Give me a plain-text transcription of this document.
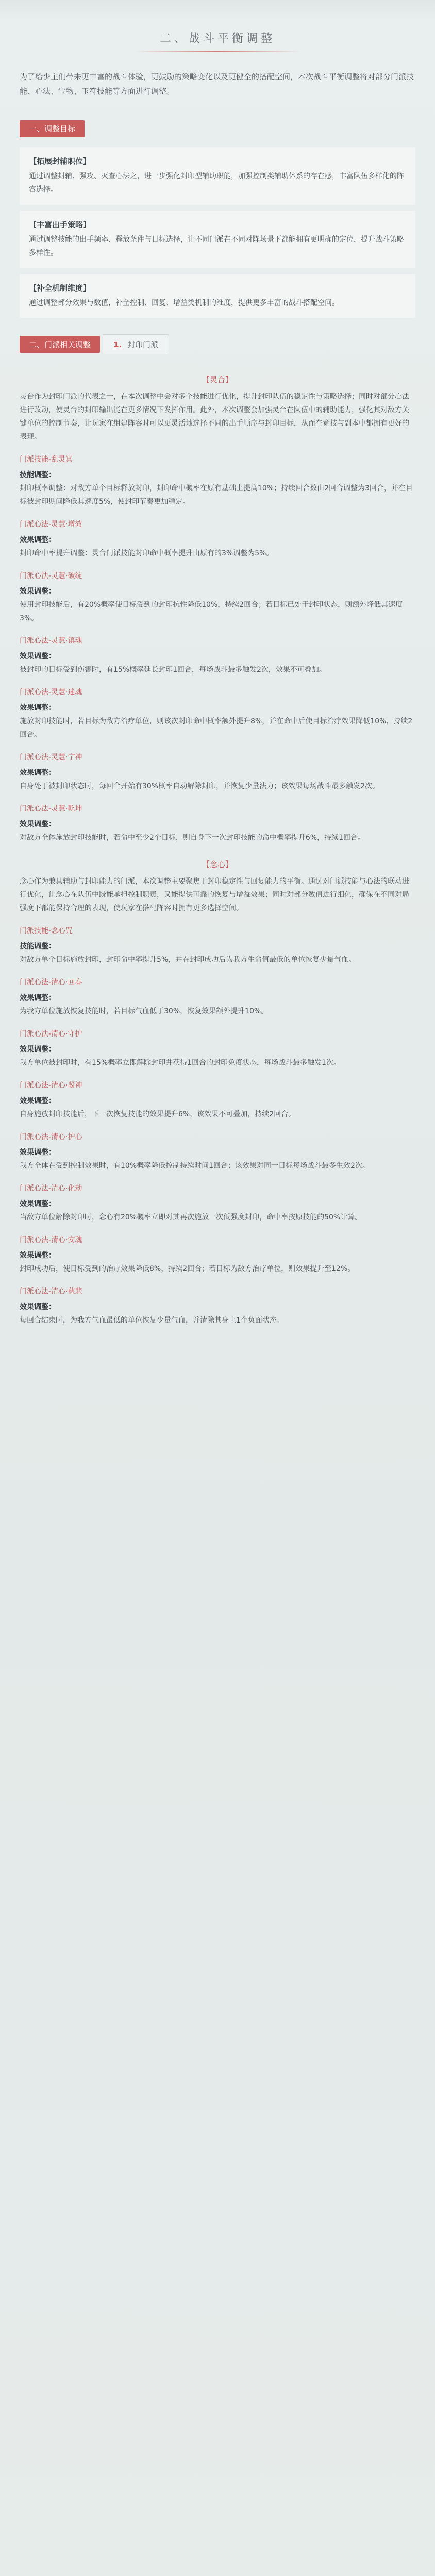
二、战斗平衡调整
为了给少主们带来更丰富的战斗体验，更鼓励的策略变化以及更健全的搭配空间，本次战斗平衡调整将对部分门派技能、心法、宝物、玉符技能等方面进行调整。
一、调整目标
【拓展封辅职位】
通过调整封辅、强攻、灭查心法之，进一步强化封印型辅助职能，加强控制类辅助体系的存在感，丰富队伍多样化的阵容选择。
【丰富出手策略】
通过调整技能的出手频率、释放条件与目标选择，让不同门派在不同对阵场景下都能拥有更明确的定位，提升战斗策略多样性。
【补全机制维度】
通过调整部分效果与数值，补全控制、回复、增益类机制的维度，提供更多丰富的战斗搭配空间。
二、门派相关调整	1. 封印门派
【灵台】
灵台作为封印门派的代表之一，在本次调整中会对多个技能进行优化，提升封印队伍的稳定性与策略选择；同时对部分心法进行改动，使灵台的封印输出能在更多情况下发挥作用。此外，本次调整会加强灵台在队伍中的辅助能力，强化其对敌方关键单位的控制节奏，让玩家在组建阵容时可以更灵活地选择不同的出手顺序与封印目标，从而在竞技与副本中都拥有更好的表现。
门派技能-乱灵冥
技能调整：
封印概率调整：对敌方单个目标释放封印，封印命中概率在原有基础上提高10%；持续回合数由2回合调整为3回合，并在目标被封印期间降低其速度5%，使封印节奏更加稳定。
门派心法-灵慧·增效
效果调整：
封印命中率提升调整：灵台门派技能封印命中概率提升由原有的3%调整为5%。
门派心法-灵慧·破绽
效果调整：
使用封印技能后，有20%概率使目标受到的封印抗性降低10%，持续2回合；若目标已处于封印状态，则额外降低其速度3%。
门派心法-灵慧·镇魂
效果调整：
被封印的目标受到伤害时，有15%概率延长封印1回合，每场战斗最多触发2次，效果不可叠加。
门派心法-灵慧·迷魂
效果调整：
施放封印技能时，若目标为敌方治疗单位，则该次封印命中概率额外提升8%，并在命中后使目标治疗效果降低10%，持续2回合。
门派心法-灵慧·宁神
效果调整：
自身处于被封印状态时，每回合开始有30%概率自动解除封印，并恢复少量法力；该效果每场战斗最多触发2次。
门派心法-灵慧·乾坤
效果调整：
对敌方全体施放封印技能时，若命中至少2个目标，则自身下一次封印技能的命中概率提升6%，持续1回合。
【念心】
念心作为兼具辅助与封印能力的门派，本次调整主要聚焦于封印稳定性与回复能力的平衡。通过对门派技能与心法的联动进行优化，让念心在队伍中既能承担控制职责，又能提供可靠的恢复与增益效果；同时对部分数值进行细化，确保在不同对局强度下都能保持合理的表现，使玩家在搭配阵容时拥有更多选择空间。
门派技能-念心咒
技能调整：
对敌方单个目标施放封印，封印命中率提升5%，并在封印成功后为我方生命值最低的单位恢复少量气血。
门派心法-清心·回春
效果调整：
为我方单位施放恢复技能时，若目标气血低于30%，恢复效果额外提升10%。
门派心法-清心·守护
效果调整：
我方单位被封印时，有15%概率立即解除封印并获得1回合的封印免疫状态，每场战斗最多触发1次。
门派心法-清心·凝神
效果调整：
自身施放封印技能后，下一次恢复技能的效果提升6%，该效果不可叠加，持续2回合。
门派心法-清心·护心
效果调整：
我方全体在受到控制效果时，有10%概率降低控制持续时间1回合；该效果对同一目标每场战斗最多生效2次。
门派心法-清心·化劫
效果调整：
当敌方单位解除封印时，念心有20%概率立即对其再次施放一次低强度封印，命中率按原技能的50%计算。
门派心法-清心·安魂
效果调整：
封印成功后，使目标受到的治疗效果降低8%，持续2回合；若目标为敌方治疗单位，则效果提升至12%。
门派心法-清心·慈悲
效果调整：
每回合结束时，为我方气血最低的单位恢复少量气血，并清除其身上1个负面状态。
